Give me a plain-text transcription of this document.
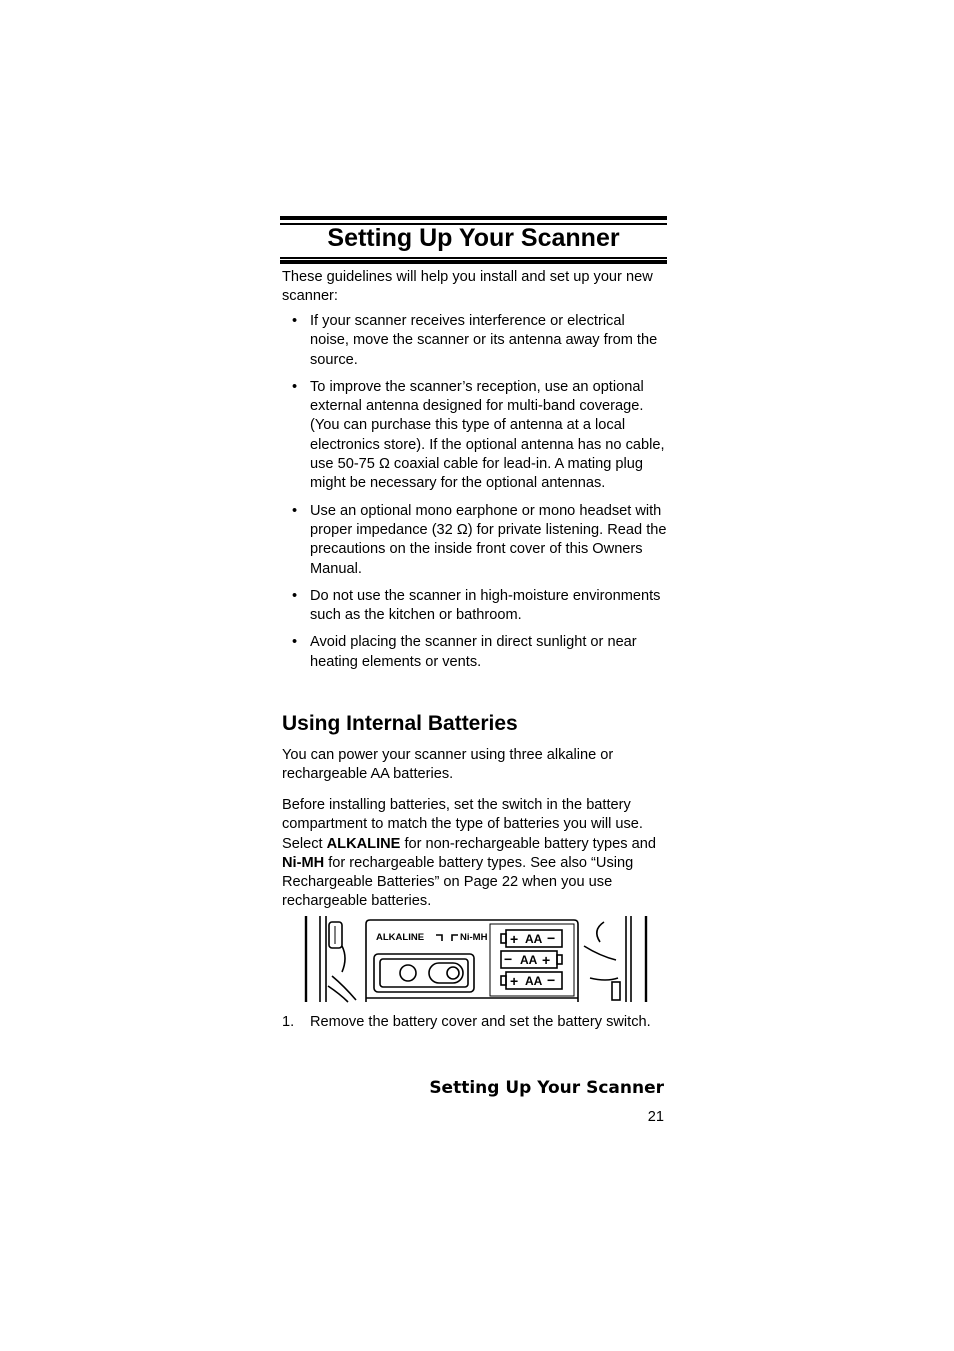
Setting Up Your Scanner
These guidelines will help you install and set up your new scanner:
• If your scanner receives interference or electrical noise, move the scanner or its antenna away from the source.
• To improve the scanner’s reception, use an optional external antenna designed for multi-band coverage. (You can purchase this type of antenna at a local electronics store). If the optional antenna has no cable, use 50-75 Ω coaxial cable for lead-in. A mating plug might be necessary for the optional antennas.
• Use an optional mono earphone or mono headset with proper impedance (32 Ω) for private listening. Read the precautions on the inside front cover of this Owners Manual.
• Do not use the scanner in high-moisture environments such as the kitchen or bathroom.
• Avoid placing the scanner in direct sunlight or near heating elements or vents.
Using Internal Batteries
You can power your scanner using three alkaline or rechargeable AA batteries.
Before installing batteries, set the switch in the battery compartment to match the type of batteries you will use. Select ALKALINE for non-rechargeable battery types and Ni-MH for rechargeable battery types. See also “Using Rechargeable Batteries” on Page 22 when you use rechargeable batteries.
ALKALINE	Ni-MH + AA −
− AA +
+ AA −
1.	Remove the battery cover and set the battery switch.
Setting Up Your Scanner
21
